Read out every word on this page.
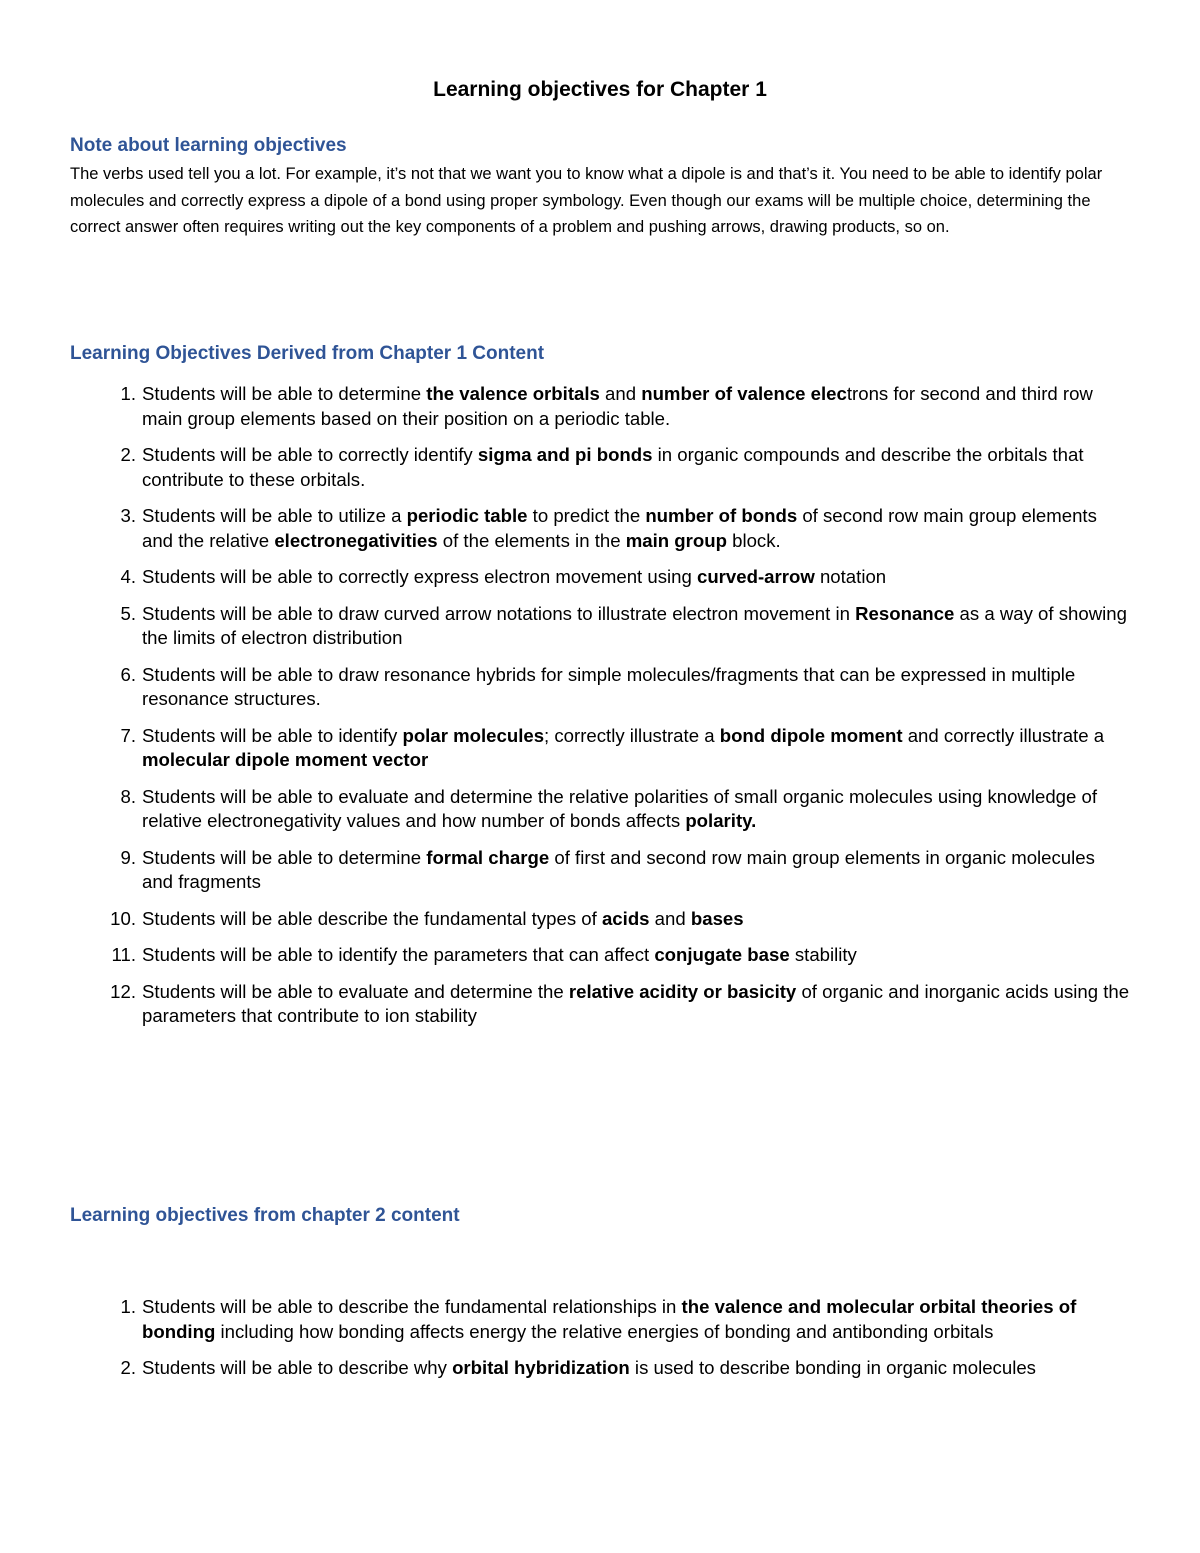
Learning objectives for Chapter 1
Note about learning objectives

The verbs used tell you a lot. For example, it’s not that we want you to know what a dipole is and that’s it. You need to be able to identify polar molecules and correctly express a dipole of a bond using proper symbology. Even though our exams will be multiple choice, determining the correct answer often requires writing out the key components of a problem and pushing arrows, drawing products, so on.

Learning Objectives Derived from Chapter 1 Content
1 . Students will be able to determine the valence orbitals and number of valence electrons for second and third row main group elements based on their position on a periodic table.
2 . Students will be able to correctly identify sigma and pi bonds in organic compounds and describe the orbitals that contribute to these orbitals.
3 . Students will be able to utilize a periodic table to predict the number of bonds of second row main group elements and the relative electronegativities of the elements in the main group block.
4 . Students will be able to correctly express electron movement using curved-arrow notation
5 . Students will be able to draw curved arrow notations to illustrate electron movement in Resonance as a way of showing the limits of electron distribution
6 . Students will be able to draw resonance hybrids for simple molecules/fragments that can be expressed in multiple resonance structures.
7 . Students will be able to identify polar molecules; correctly illustrate a bond dipole moment and correctly illustrate a molecular dipole moment vector
8 . Students will be able to evaluate and determine the relative polarities of small organic molecules using knowledge of relative electronegativity values and how number of bonds affects polarity.
9 . Students will be able to determine formal charge of first and second row main group elements in organic molecules and fragments
10 . Students will be able describe the fundamental types of acids and bases
11 . Students will be able to identify the parameters that can affect conjugate base stability
12 . Students will be able to evaluate and determine the relative acidity or basicity of organic and inorganic acids using the parameters that contribute to ion stability
Learning objectives from chapter 2 content
1 . Students will be able to describe the fundamental relationships in the valence and molecular orbital theories of bonding including how bonding affects energy the relative energies of bonding and antibonding orbitals
2 . Students will be able to describe why orbital hybridization is used to describe bonding in organic molecules
